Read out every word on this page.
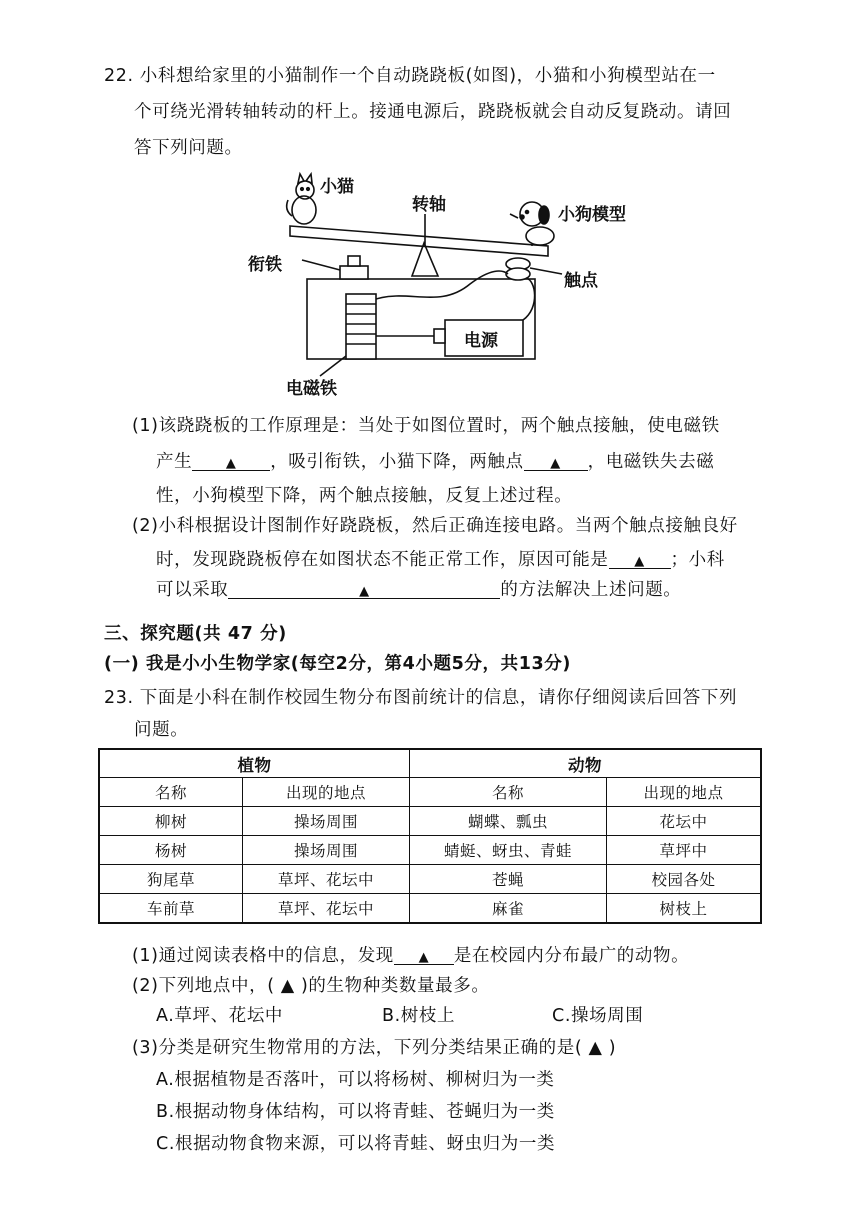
22. 小科想给家里的小猫制作一个自动跷跷板(如图)，小猫和小狗模型站在一
个可绕光滑转轴转动的杆上。接通电源后，跷跷板就会自动反复跷动。请回
答下列问题。
小猫
转轴	小狗模型
衔铁
触点
电源
电磁铁
(1)该跷跷板的工作原理是：当处于如图位置时，两个触点接触，使电磁铁
产生	▲ ，吸引衔铁，小猫下降，两触点 ▲ ，电磁铁失去磁
性，小狗模型下降，两个触点接触，反复上述过程。
(2)小科根据设计图制作好跷跷板，然后正确连接电路。当两个触点接触良好
时，发现跷跷板停在如图状态不能正常工作，原因可能是 ▲ ；小科
可以采取	▲	的方法解决上述问题。
三、探究题(共 47 分)
(一) 我是小小生物学家(每空2分，第4小题5分，共13分)
23. 下面是小科在制作校园生物分布图前统计的信息，请你仔细阅读后回答下列
问题。
植物		动物	
名称	出现的地点	名称	出现的地点
柳树	操场周围	蝴蝶、瓢虫	花坛中
杨树	操场周围	蜻蜓、蚜虫、青蛙	草坪中
狗尾草	草坪、花坛中	苍蝇	校园各处
车前草	草坪、花坛中	麻雀	树枝上
(1)通过阅读表格中的信息，发现 ▲ 是在校园内分布最广的动物。
(2)下列地点中，( ▲ )的生物种类数量最多。
A.草坪、花坛中	B.树枝上	C.操场周围
(3)分类是研究生物常用的方法，下列分类结果正确的是( ▲ )
A.根据植物是否落叶，可以将杨树、柳树归为一类
B.根据动物身体结构，可以将青蛙、苍蝇归为一类
C.根据动物食物来源，可以将青蛙、蚜虫归为一类
